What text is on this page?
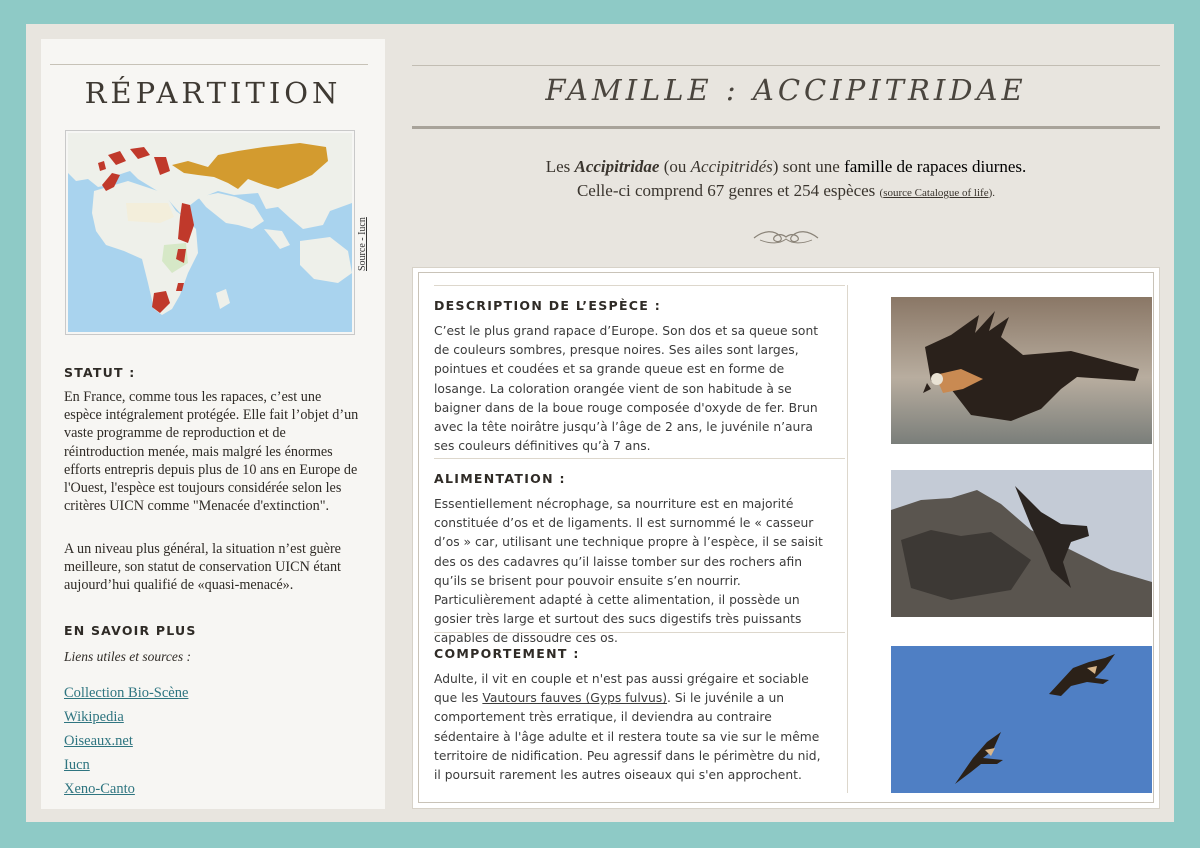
RÉPARTITION
Source - Iucn

STATUT :

En France, comme tous les rapaces, c’est une espèce intégralement protégée. Elle fait l’objet d’un vaste programme de reproduction et de réintroduction menée, mais malgré les énormes efforts entrepris depuis plus de 10 ans en Europe de l'Ouest, l'espèce est toujours considérée selon les critères UICN comme "Menacée d'extinction".

A un niveau plus général, la situation n’est guère meilleure, son statut de conservation UICN étant aujourd’hui qualifié de «quasi-menacé».

EN SAVOIR PLUS

Liens utiles et sources :

Collection Bio-Scène
Wikipedia
Oiseaux.net
Iucn
Xeno-Canto
FAMILLE : ACCIPITRIDAE
Les Accipitridae (ou Accipitridés) sont une famille de rapaces diurnes.
Celle-ci comprend 67 genres et 254 espèces (source Catalogue of life).

DESCRIPTION DE L’ESPÈCE :

C’est le plus grand rapace d’Europe. Son dos et sa queue sont de couleurs sombres, presque noires. Ses ailes sont larges, pointues et coudées et sa grande queue est en forme de losange. La coloration orangée vient de son habitude à se baigner dans de la boue rouge composée d'oxyde de fer. Brun avec la tête noirâtre jusqu’à l’âge de 2 ans, le juvénile n’aura ses couleurs définitives qu’à 7 ans.

ALIMENTATION :

Essentiellement nécrophage, sa nourriture est en majorité constituée d’os et de ligaments. Il est surnommé le « casseur d’os » car, utilisant une technique propre à l’espèce, il se saisit des os des cadavres qu’il laisse tomber sur des rochers afin qu’ils se brisent pour pouvoir ensuite s’en nourrir. Particulièrement adapté à cette alimentation, il possède un gosier très large et surtout des sucs digestifs très puissants capables de dissoudre ces os.

COMPORTEMENT :

Adulte, il vit en couple et n'est pas aussi grégaire et sociable que les Vautours fauves (Gyps fulvus). Si le juvénile a un comportement très erratique, il deviendra au contraire sédentaire à l'âge adulte et il restera toute sa vie sur le même territoire de nidification. Peu agressif dans le périmètre du nid, il poursuit rarement les autres oiseaux qui s'en approchent.
